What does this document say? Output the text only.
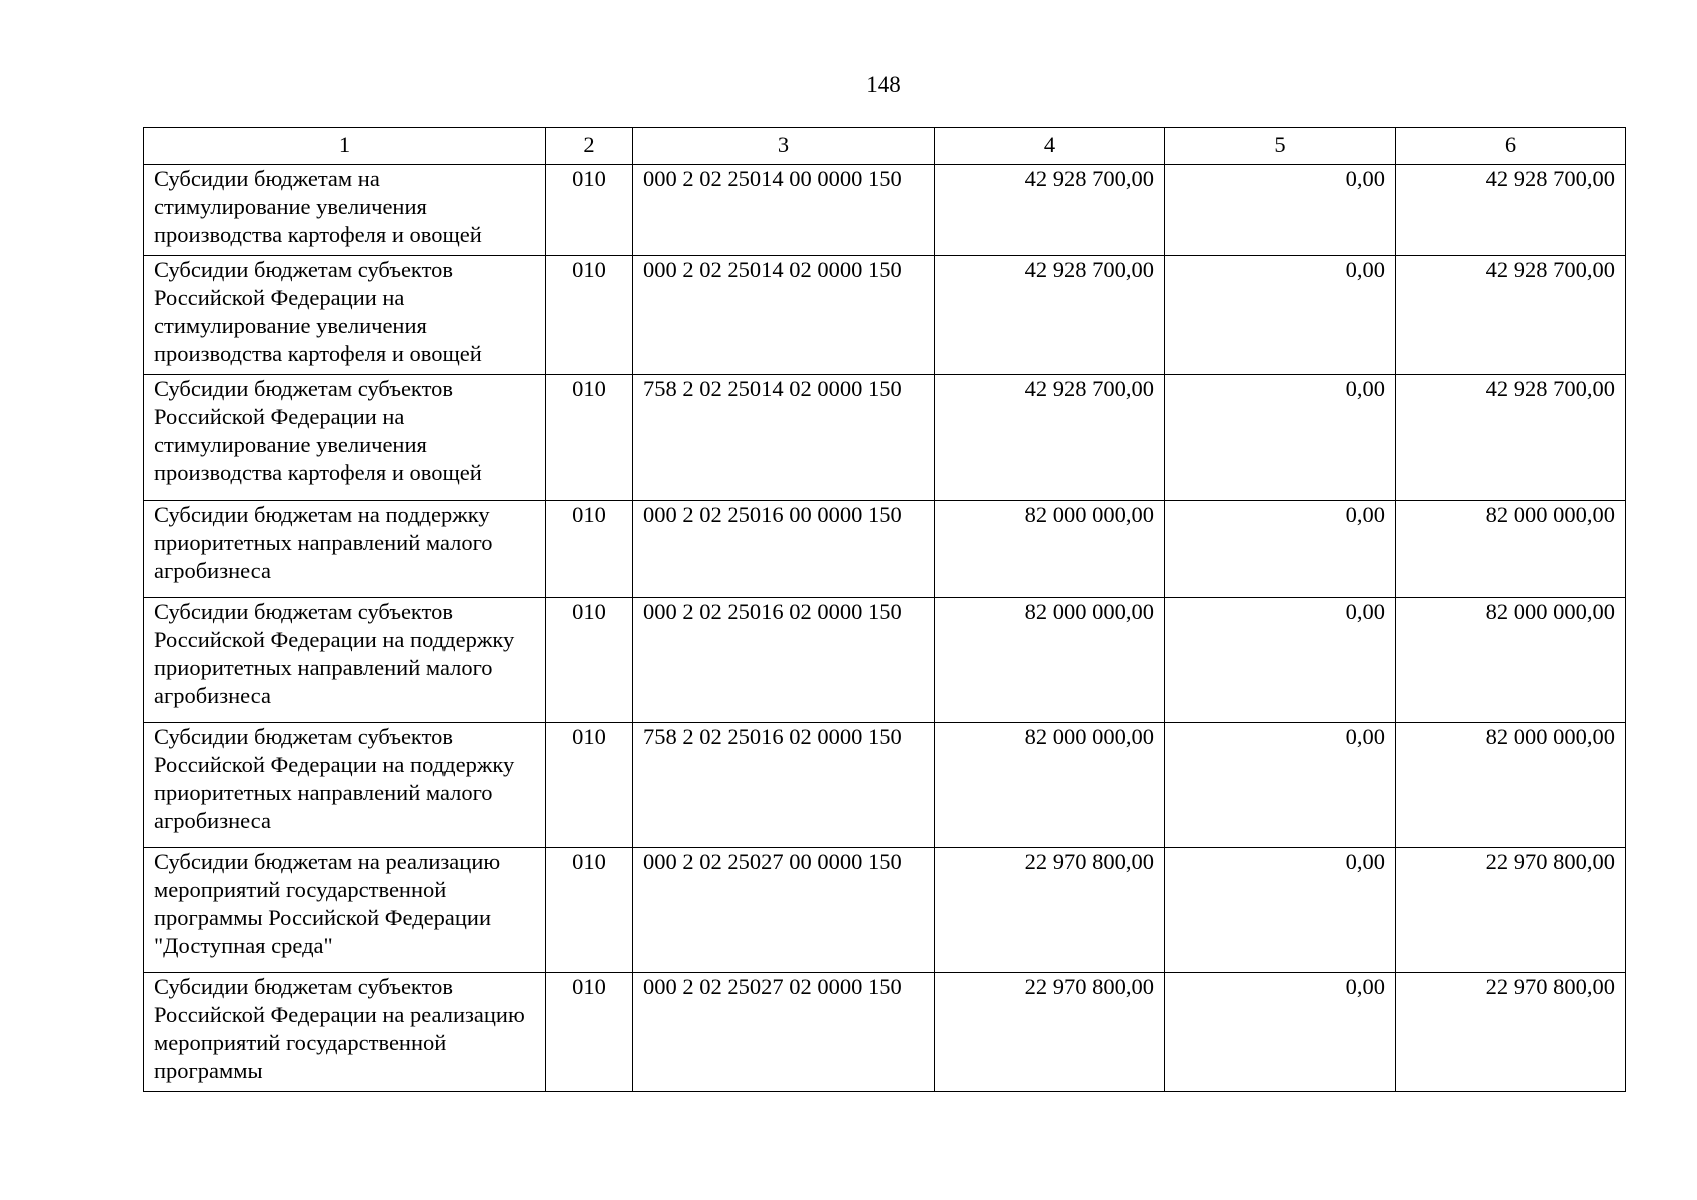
148
1	2	3	4	5	6
Субсидии бюджетам на стимулирование увеличения производства картофеля и овощей	010	000 2 02 25014 00 0000 150	42 928 700,00	0,00	42 928 700,00
Субсидии бюджетам субъектов Российской Федерации на стимулирование увеличения производства картофеля и овощей	010	000 2 02 25014 02 0000 150	42 928 700,00	0,00	42 928 700,00
Субсидии бюджетам субъектов Российской Федерации на стимулирование увеличения производства картофеля и овощей	010	758 2 02 25014 02 0000 150	42 928 700,00	0,00	42 928 700,00
Субсидии бюджетам на поддержку приоритетных направлений малого агробизнеса	010	000 2 02 25016 00 0000 150	82 000 000,00	0,00	82 000 000,00
Субсидии бюджетам субъектов Российской Федерации на поддержку приоритетных направлений малого агробизнеса	010	000 2 02 25016 02 0000 150	82 000 000,00	0,00	82 000 000,00
Субсидии бюджетам субъектов Российской Федерации на поддержку приоритетных направлений малого агробизнеса	010	758 2 02 25016 02 0000 150	82 000 000,00	0,00	82 000 000,00
Субсидии бюджетам на реализацию мероприятий государственной программы Российской Федерации "Доступная среда"	010	000 2 02 25027 00 0000 150	22 970 800,00	0,00	22 970 800,00
Субсидии бюджетам субъектов Российской Федерации на реализацию мероприятий государственной программы	010	000 2 02 25027 02 0000 150	22 970 800,00	0,00	22 970 800,00
